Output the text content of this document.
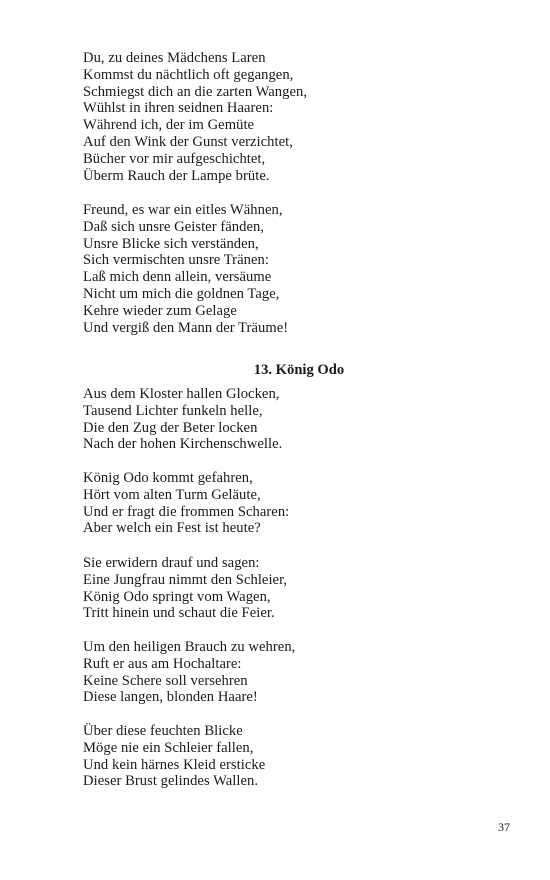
Du, zu deines Mädchens Laren
Kommst du nächtlich oft gegangen,
Schmiegst dich an die zarten Wangen,
Wühlst in ihren seidnen Haaren:
Während ich, der im Gemüte
Auf den Wink der Gunst verzichtet,
Bücher vor mir aufgeschichtet,
Überm Rauch der Lampe brüte.
Freund, es war ein eitles Wähnen,
Daß sich unsre Geister fänden,
Unsre Blicke sich verständen,
Sich vermischten unsre Tränen:
Laß mich denn allein, versäume
Nicht um mich die goldnen Tage,
Kehre wieder zum Gelage
Und vergiß den Mann der Träume!
13. König Odo
Aus dem Kloster hallen Glocken,
Tausend Lichter funkeln helle,
Die den Zug der Beter locken
Nach der hohen Kirchenschwelle.
König Odo kommt gefahren,
Hört vom alten Turm Geläute,
Und er fragt die frommen Scharen:
Aber welch ein Fest ist heute?
Sie erwidern drauf und sagen:
Eine Jungfrau nimmt den Schleier,
König Odo springt vom Wagen,
Tritt hinein und schaut die Feier.
Um den heiligen Brauch zu wehren,
Ruft er aus am Hochaltare:
Keine Schere soll versehren
Diese langen, blonden Haare!
Über diese feuchten Blicke
Möge nie ein Schleier fallen,
Und kein härnes Kleid ersticke
Dieser Brust gelindes Wallen.
37
